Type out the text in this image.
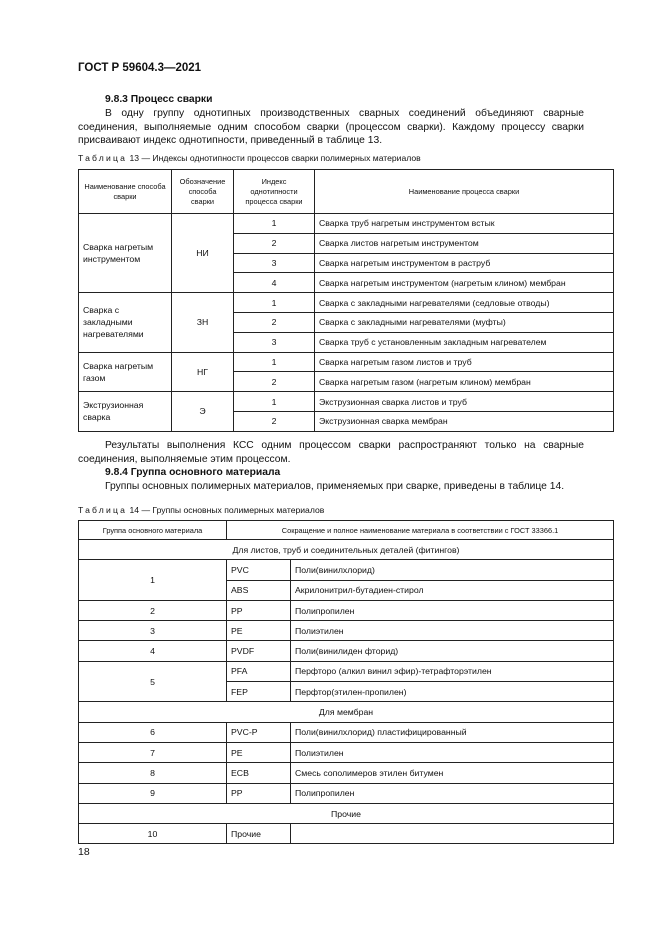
ГОСТ Р 59604.3—2021
9.8.3 Процесс сварки
В одну группу однотипных производственных сварных соединений объединяют сварные соединения, выполняемые одним способом сварки (процессом сварки). Каждому процессу сварки присваивают индекс однотипности, приведенный в таблице 13.
Таблица 13 — Индексы однотипности процессов сварки полимерных материалов
Наименование способа сварки	Обозначение способа сварки	Индекс однотипности процесса сварки	Наименование процесса сварки
Сварка нагретым инструментом	НИ	1	Сварка труб нагретым инструментом встык
		2	Сварка листов нагретым инструментом
		3	Сварка нагретым инструментом в раструб
		4	Сварка нагретым инструментом (нагретым клином) мембран
Сварка с закладными нагревателями	ЗН	1	Сварка с закладными нагревателями (седловые отводы)
		2	Сварка с закладными нагревателями (муфты)
		3	Сварка труб с установленным закладным нагревателем
Сварка нагретым газом	НГ	1	Сварка нагретым газом листов и труб
		2	Сварка нагретым газом (нагретым клином) мембран
Экструзионная сварка	Э	1	Экструзионная сварка листов и труб
		2	Экструзионная сварка мембран
Результаты выполнения КСС одним процессом сварки распространяют только на сварные соединения, выполняемые этим процессом.
9.8.4 Группа основного материала
Группы основных полимерных материалов, применяемых при сварке, приведены в таблице 14.
Таблица 14 — Группы основных полимерных материалов
Группа основного материала	Сокращение и полное наименование материала в соответствии с ГОСТ 33366.1	
Для листов, труб и соединительных деталей (фитингов)		
1	PVC	Поли(винилхлорид)
	ABS	Акрилонитрил-бутадиен-стирол
2	PP	Полипропилен
3	PE	Полиэтилен
4	PVDF	Поли(винилиден фторид)
5	PFA	Перфторо (алкил винил эфир)-тетрафторэтилен
	FEP	Перфтор(этилен-пропилен)
Для мембран		
6	PVC-P	Поли(винилхлорид) пластифицированный
7	PE	Полиэтилен
8	ECB	Смесь сополимеров этилен битумен
9	PP	Полипропилен
Прочие		
10	Прочие	
18
